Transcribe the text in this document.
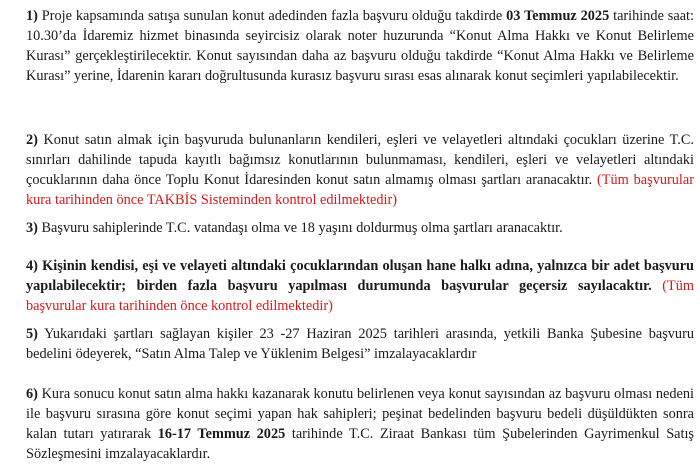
1) Proje kapsamında satışa sunulan konut adedinden fazla başvuru olduğu takdirde 03 Temmuz 2025 tarihinde saat: 10.30’da İdaremiz hizmet binasında seyircisiz olarak noter huzurunda “Konut Alma Hakkı ve Konut Belirleme Kurası” gerçekleştirilecektir. Konut sayısından daha az başvuru olduğu takdirde “Konut Alma Hakkı ve Belirleme Kurası” yerine, İdarenin kararı doğrultusunda kurasız başvuru sırası esas alınarak konut seçimleri yapılabilecektir.

2) Konut satın almak için başvuruda bulunanların kendileri, eşleri ve velayetleri altındaki çocukları üzerine T.C. sınırları dahilinde tapuda kayıtlı bağımsız konutlarının bulunmaması, kendileri, eşleri ve velayetleri altındaki çocuklarının daha önce Toplu Konut İdaresinden konut satın almamış olması şartları aranacaktır. (Tüm başvurular kura tarihinden önce TAKBİS Sisteminden kontrol edilmektedir)

3) Başvuru sahiplerinde T.C. vatandaşı olma ve 18 yaşını doldurmuş olma şartları aranacaktır.

4) Kişinin kendisi, eşi ve velayeti altındaki çocuklarından oluşan hane halkı adına, yalnızca bir adet başvuru yapılabilecektir; birden fazla başvuru yapılması durumunda başvurular geçersiz sayılacaktır. (Tüm başvurular kura tarihinden önce kontrol edilmektedir)

5) Yukarıdaki şartları sağlayan kişiler 23 -27 Haziran 2025 tarihleri arasında, yetkili Banka Şubesine başvuru bedelini ödeyerek, “Satın Alma Talep ve Yüklenim Belgesi” imzalayacaklardır

6) Kura sonucu konut satın alma hakkı kazanarak konutu belirlenen veya konut sayısından az başvuru olması nedeni ile başvuru sırasına göre konut seçimi yapan hak sahipleri; peşinat bedelinden başvuru bedeli düşüldükten sonra kalan tutarı yatırarak 16-17 Temmuz 2025 tarihinde T.C. Ziraat Bankası tüm Şubelerinden Gayrimenkul Satış Sözleşmesini imzalayacaklardır.
